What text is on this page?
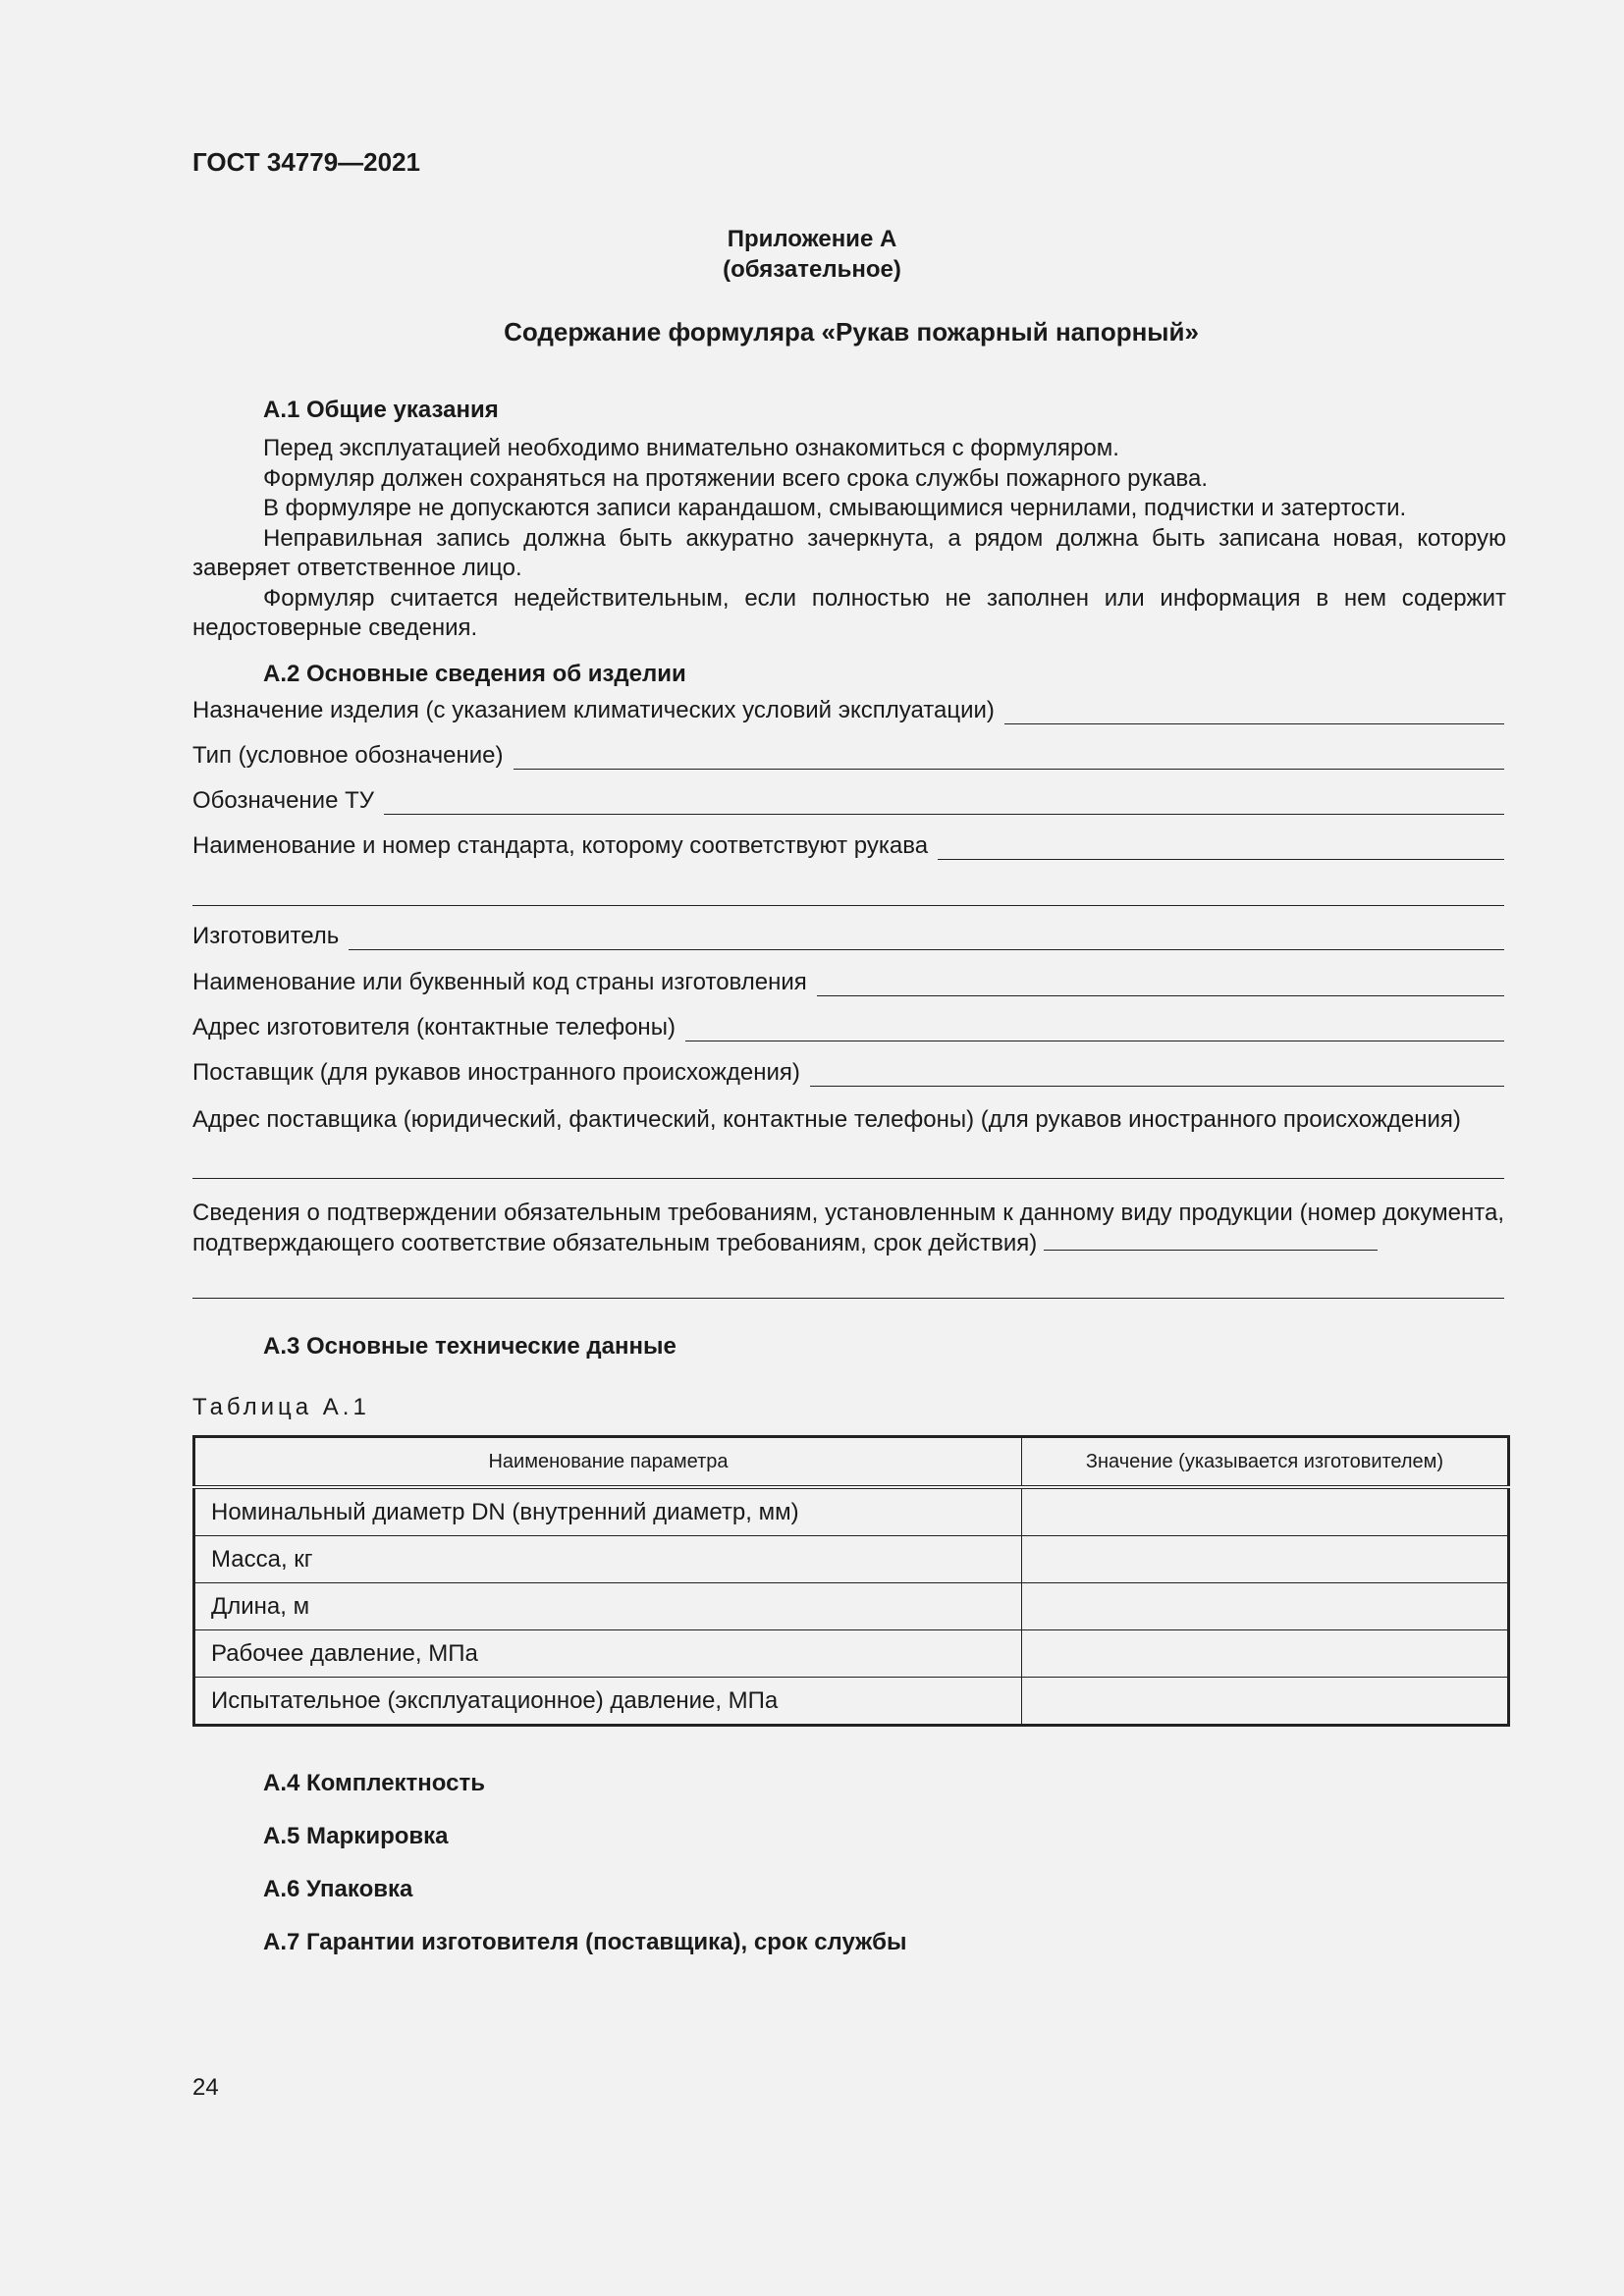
ГОСТ 34779—2021
Приложение А
(обязательное)
Содержание формуляра «Рукав пожарный напорный»
А.1 Общие указания
Перед эксплуатацией необходимо внимательно ознакомиться с формуляром.
Формуляр должен сохраняться на протяжении всего срока службы пожарного рукава.
В формуляре не допускаются записи карандашом, смывающимися чернилами, подчистки и затертости.
Неправильная запись должна быть аккуратно зачеркнута, а рядом должна быть записана новая, которую заверяет ответственное лицо.
Формуляр считается недействительным, если полностью не заполнен или информация в нем содержит недостоверные сведения.
А.2 Основные сведения об изделии
Назначение изделия (с указанием климатических условий эксплуатации)
Тип (условное обозначение)
Обозначение ТУ
Наименование и номер стандарта, которому соответствуют рукава
Изготовитель
Наименование или буквенный код страны изготовления
Адрес изготовителя (контактные телефоны)
Поставщик (для рукавов иностранного происхождения)
Адрес поставщика (юридический, фактический, контактные телефоны) (для рукавов иностранного происхождения)
Сведения о подтверждении обязательным требованиям, установленным к данному виду продукции (номер документа, подтверждающего соответствие обязательным требованиям, срок действия)
А.3 Основные технические данные
Таблица А.1
Наименование параметра	Значение (указывается изготовителем)
Номинальный диаметр DN (внутренний диаметр, мм)	
Масса, кг	
Длина, м	
Рабочее давление, МПа	
Испытательное (эксплуатационное) давление, МПа	
А.4 Комплектность
А.5 Маркировка
А.6 Упаковка
А.7 Гарантии изготовителя (поставщика), срок службы
24
